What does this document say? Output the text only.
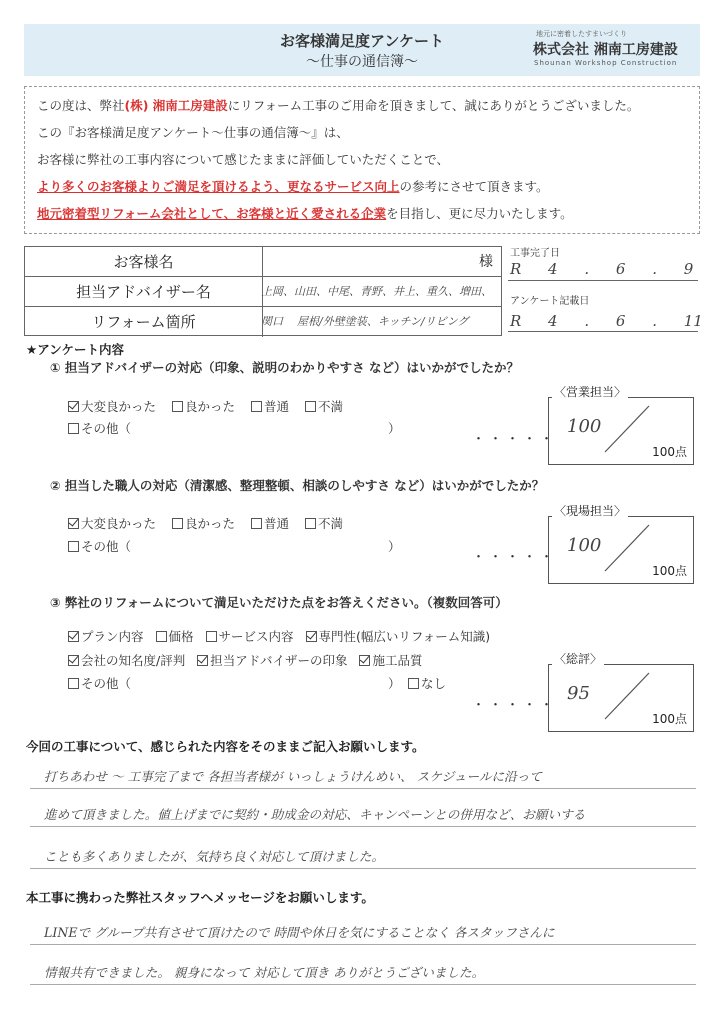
お客様満足度アンケート
～仕事の通信簿～
地元に密着したすまいづくり
株式会社 湘南工房建設
Shounan Workshop Construction
この度は、弊社(株) 湘南工房建設にリフォーム工事のご用命を頂きまして、誠にありがとうございました。
この『お客様満足度アンケート～仕事の通信簿～』は、
お客様に弊社の工事内容について感じたままに評価していただくことで、
より多くのお客様よりご満足を頂けるよう、更なるサービス向上の参考にさせて頂きます。
地元密着型リフォーム会社として、お客様と近く愛される企業を目指し、更に尽力いたします。
お客様名	様
担当アドバイザー名	上岡、山田、中尾、青野、井上、重久、増田、関口
リフォーム箇所	屋根/外壁塗装、キッチン/リビング
工事完了日
R 4 . 6 . 9
アンケート記載日
R 4 . 6 . 11
★アンケート内容
① 担当アドバイザーの対応（印象、説明のわかりやすさ など）はいかがでしたか？
大変良かった 良かった 普通 不満
その他（	）
・・・・・
〈営業担当〉
100
100点
② 担当した職人の対応（清潔感、整理整頓、相談のしやすさ など）はいかがでしたか？
大変良かった 良かった 普通 不満
その他（	）
・・・・・
〈現場担当〉
100
100点
③ 弊社のリフォームについて満足いただけた点をお答えください。（複数回答可）
プラン内容 価格 サービス内容 専門性(幅広いリフォーム知識)
会社の知名度/評判 担当アドバイザーの印象 施工品質
その他（	）	なし
・・・・・
〈総評〉
95
100点
今回の工事について、感じられた内容をそのままご記入お願いします。
打ちあわせ ～ 工事完了まで 各担当者様が いっしょうけんめい、 スケジュールに沿って
進めて頂きました。値上げまでに契約・助成金の対応、キャンペーンとの併用など、お願いする
ことも多くありましたが、気持ち良く対応して頂けました。
本工事に携わった弊社スタッフへメッセージをお願いします。
LINEで グループ共有させて頂けたので 時間や休日を気にすることなく 各スタッフさんに
情報共有できました。 親身になって 対応して頂き ありがとうございました。
